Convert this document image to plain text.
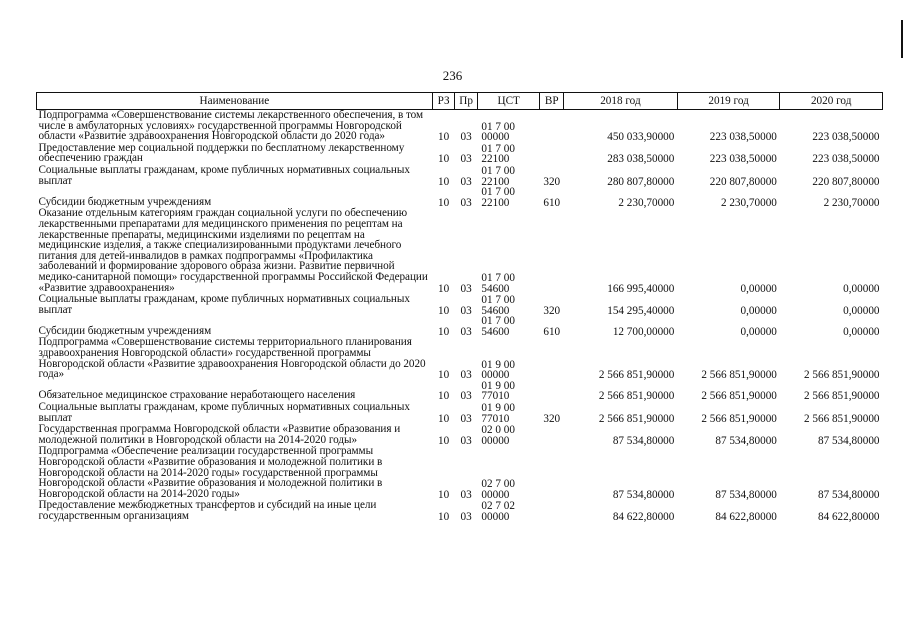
236
Наименование	РЗ	Пр	ЦСТ	ВР	2018 год	2019 год	2020 год
Подпрограмма «Совершенствование системы лекарственного обеспечения, в том числе в амбулаторных условиях» государственной программы Новгородской области «Развитие здравоохранения Новгородской области до 2020 года»	10	03	01 7 00 00000		450 033,90000	223 038,50000	223 038,50000
Предоставление мер социальной поддержки по бесплатному лекарственному обеспечению граждан	10	03	01 7 00 22100		283 038,50000	223 038,50000	223 038,50000
Социальные выплаты гражданам, кроме публичных нормативных социальных выплат	10	03	01 7 00 22100	320	280 807,80000	220 807,80000	220 807,80000
Субсидии бюджетным учреждениям	10	03	01 7 00 22100	610	2 230,70000	2 230,70000	2 230,70000
Оказание отдельным категориям граждан социальной услуги по обеспечению лекарственными препаратами для медицинского применения по рецептам на лекарственные препараты, медицинскими изделиями по рецептам на медицинские изделия, а также специализированными продуктами лечебного питания для детей-инвалидов в рамках подпрограммы «Профилактика заболеваний и формирование здорового образа жизни. Развитие первичной медико-санитарной помощи» государственной программы Российской Федерации «Развитие здравоохранения»	10	03	01 7 00 54600		166 995,40000	0,00000	0,00000
Социальные выплаты гражданам, кроме публичных нормативных социальных выплат	10	03	01 7 00 54600	320	154 295,40000	0,00000	0,00000
Субсидии бюджетным учреждениям	10	03	01 7 00 54600	610	12 700,00000	0,00000	0,00000
Подпрограмма «Совершенствование системы территориального планирования здравоохранения Новгородской области» государственной программы Новгородской области «Развитие здравоохранения Новгородской области до 2020 года»	10	03	01 9 00 00000		2 566 851,90000	2 566 851,90000	2 566 851,90000
Обязательное медицинское страхование неработающего населения	10	03	01 9 00 77010		2 566 851,90000	2 566 851,90000	2 566 851,90000
Социальные выплаты гражданам, кроме публичных нормативных социальных выплат	10	03	01 9 00 77010	320	2 566 851,90000	2 566 851,90000	2 566 851,90000
Государственная программа Новгородской области «Развитие образования и молодежной политики в Новгородской области на 2014-2020 годы»	10	03	02 0 00 00000		87 534,80000	87 534,80000	87 534,80000
Подпрограмма «Обеспечение реализации государственной программы Новгородской области «Развитие образования и молодежной политики в Новгородской области на 2014-2020 годы» государственной программы Новгородской области «Развитие образования и молодежной политики в Новгородской области на 2014-2020 годы»	10	03	02 7 00 00000		87 534,80000	87 534,80000	87 534,80000
Предоставление межбюджетных трансфертов и субсидий на иные цели государственным организациям	10	03	02 7 02 00000		84 622,80000	84 622,80000	84 622,80000
